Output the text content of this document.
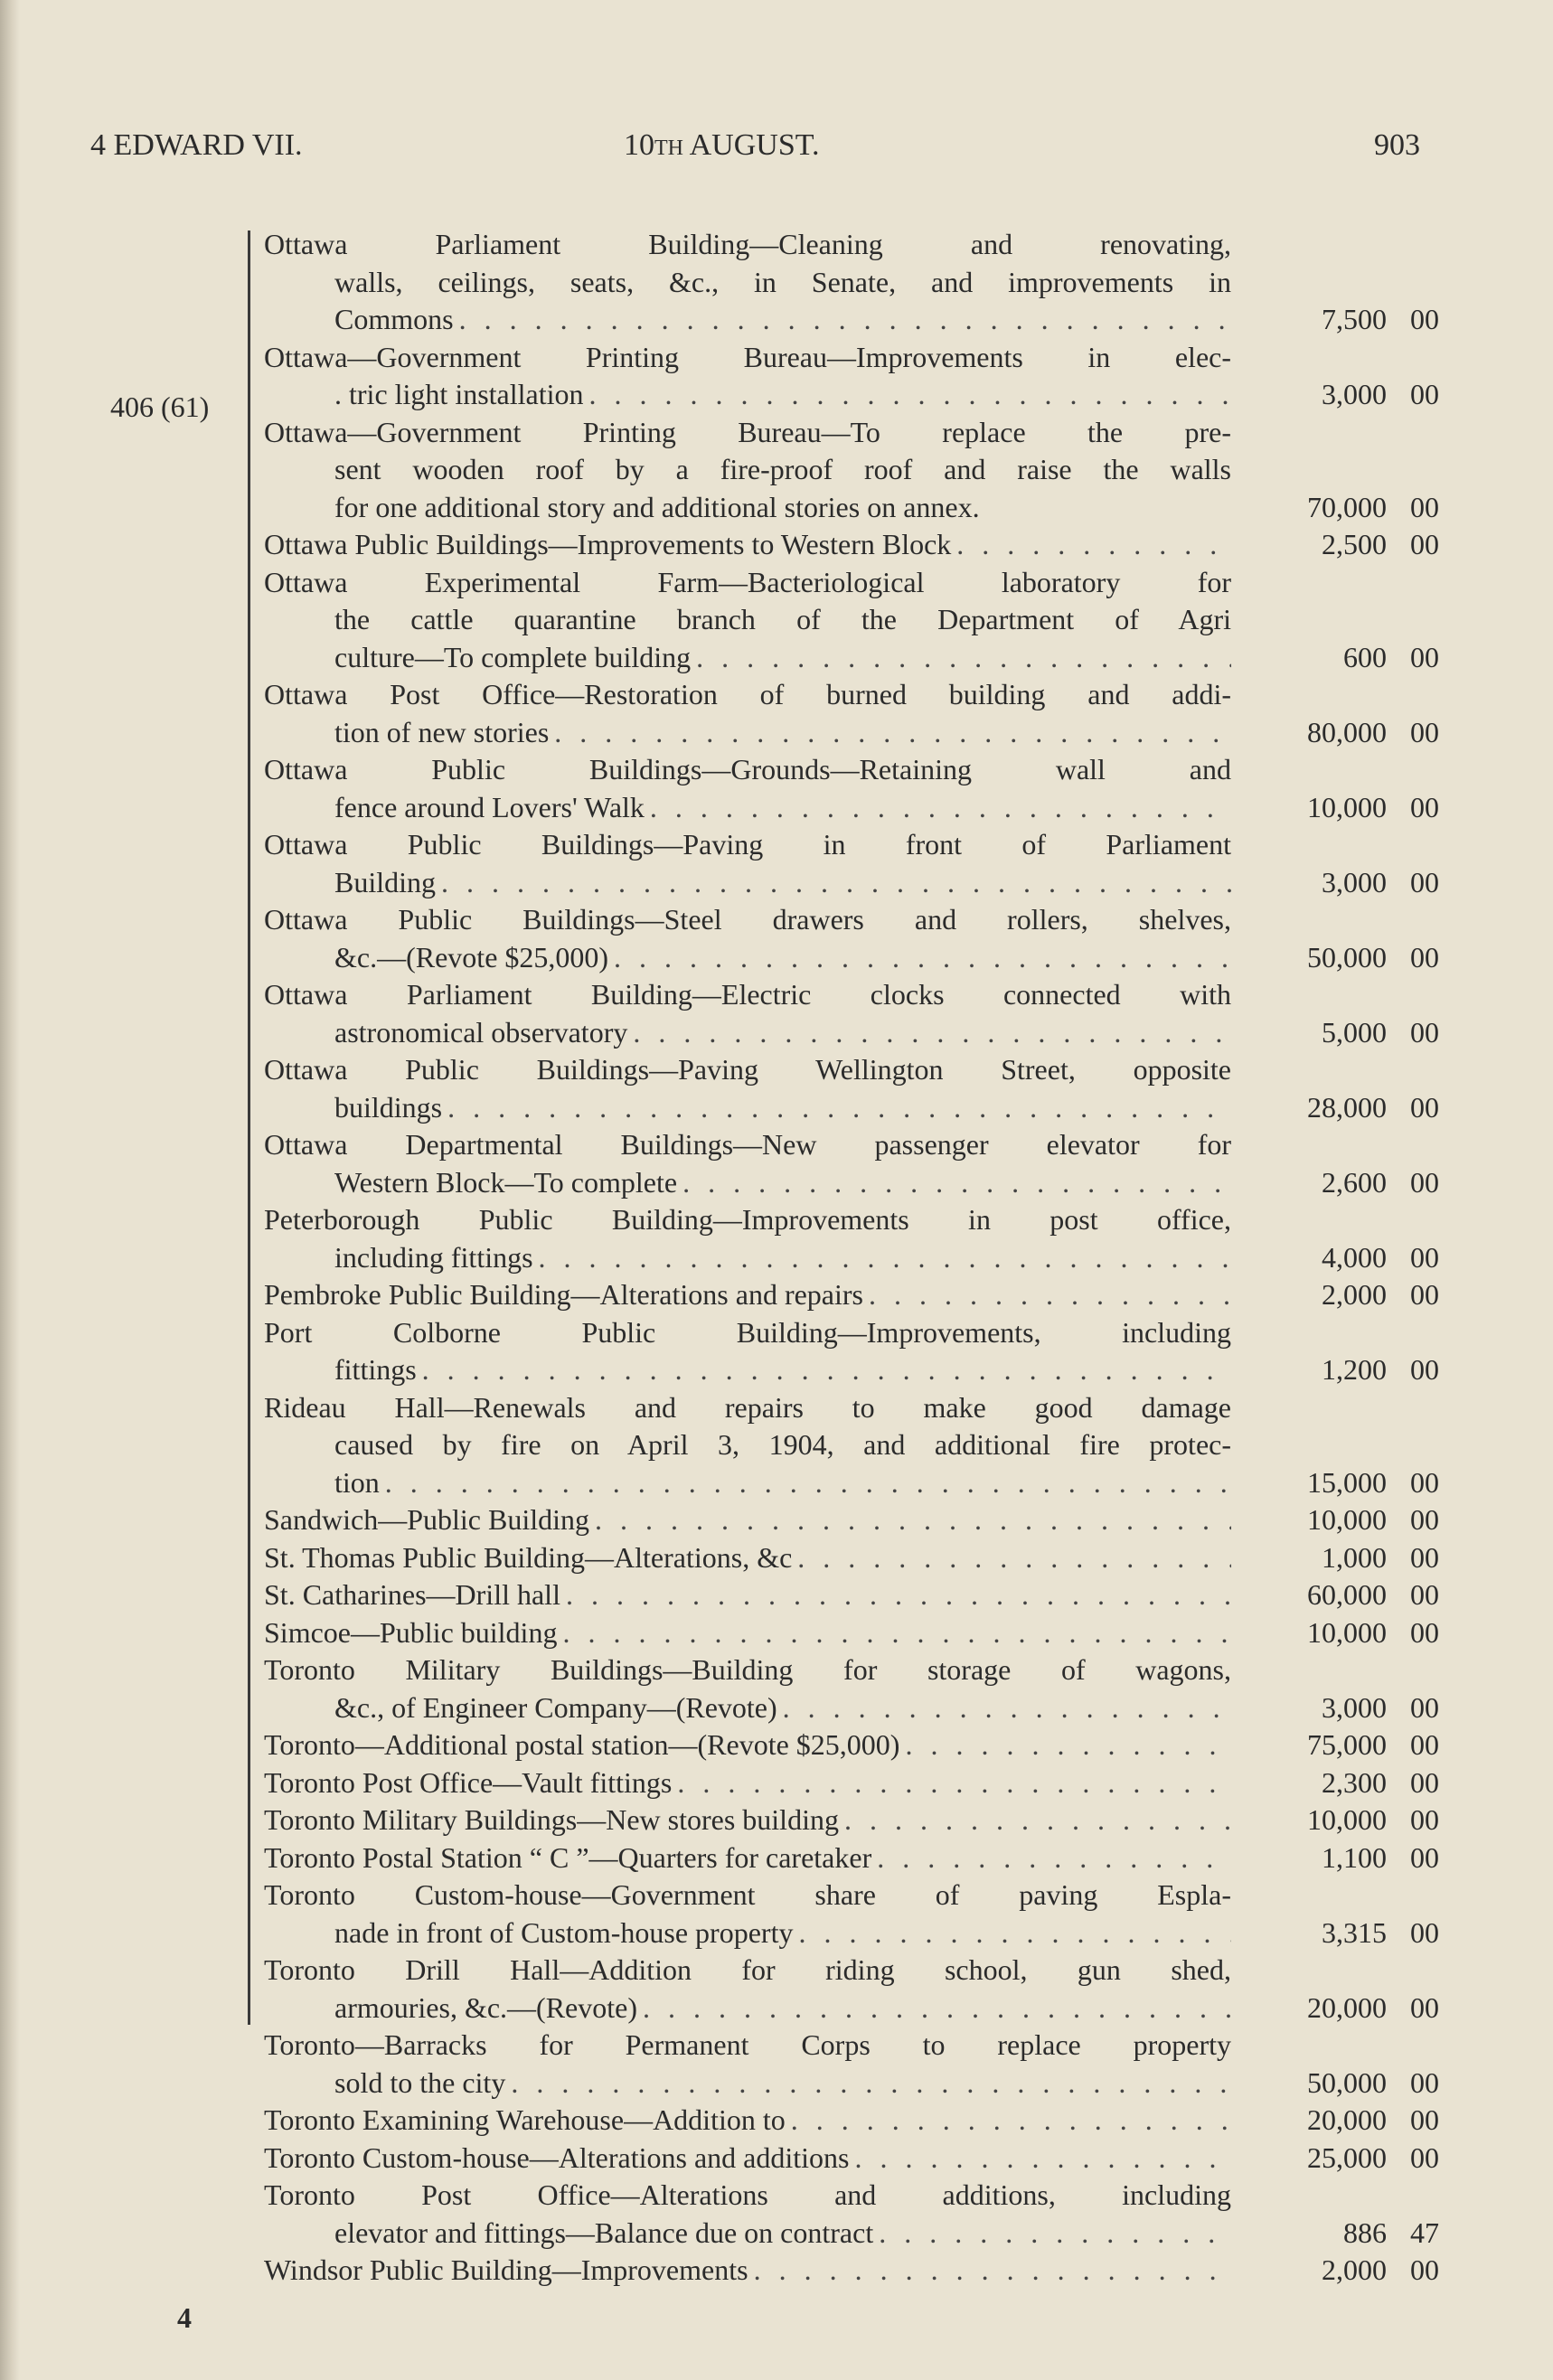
4 EDWARD VII.	10TH AUGUST.	903
406 (61)
Ottawa Parliament Building—Cleaning and renovating,
walls, ceilings, seats, &c., in Senate, and improvements in
Commons . . .	7,500 00
Ottawa—Government Printing Bureau—Improvements in elec-
. tric light installation . . .	3,000 00
Ottawa—Government Printing Bureau—To replace the pre-
sent wooden roof by a fire-proof roof and raise the walls
for one additional story and additional stories on annex.	70,000 00
Ottawa Public Buildings—Improvements to Western Block . . .	2,500 00
Ottawa Experimental Farm—Bacteriological laboratory for
the cattle quarantine branch of the Department of Agri
culture—To complete building . . .	600 00
Ottawa Post Office—Restoration of burned building and addi-
tion of new stories . . .	80,000 00
Ottawa Public Buildings—Grounds—Retaining wall and
fence around Lovers' Walk . . .	10,000 00
Ottawa Public Buildings—Paving in front of Parliament
Building . . .	3,000 00
Ottawa Public Buildings—Steel drawers and rollers, shelves,
&c.—(Revote $25,000) . . .	50,000 00
Ottawa Parliament Building—Electric clocks connected with
astronomical observatory . . .	5,000 00
Ottawa Public Buildings—Paving Wellington Street, opposite
buildings . . .	28,000 00
Ottawa Departmental Buildings—New passenger elevator for
Western Block—To complete . . .	2,600 00
Peterborough Public Building—Improvements in post office,
including fittings . . .	4,000 00
Pembroke Public Building—Alterations and repairs . . .	2,000 00
Port Colborne Public Building—Improvements, including
fittings . . .	1,200 00
Rideau Hall—Renewals and repairs to make good damage
caused by fire on April 3, 1904, and additional fire protec-
tion . . .	15,000 00
Sandwich—Public Building . . .	10,000 00
St. Thomas Public Building—Alterations, &c . . .	1,000 00
St. Catharines—Drill hall . . .	60,000 00
Simcoe—Public building . . .	10,000 00
Toronto Military Buildings—Building for storage of wagons,
&c., of Engineer Company—(Revote) . . .	3,000 00
Toronto—Additional postal station—(Revote $25,000) . . .	75,000 00
Toronto Post Office—Vault fittings . . .	2,300 00
Toronto Military Buildings—New stores building . . .	10,000 00
Toronto Postal Station “ C ”—Quarters for caretaker . . .	1,100 00
Toronto Custom-house—Government share of paving Espla-
nade in front of Custom-house property . . .	3,315 00
Toronto Drill Hall—Addition for riding school, gun shed,
armouries, &c.—(Revote) . . .	20,000 00
Toronto—Barracks for Permanent Corps to replace property
sold to the city . . .	50,000 00
Toronto Examining Warehouse—Addition to . . .	20,000 00
Toronto Custom-house—Alterations and additions . . .	25,000 00
Toronto Post Office—Alterations and additions, including
elevator and fittings—Balance due on contract . . .	886 47
Windsor Public Building—Improvements . . .	2,000 00
4
